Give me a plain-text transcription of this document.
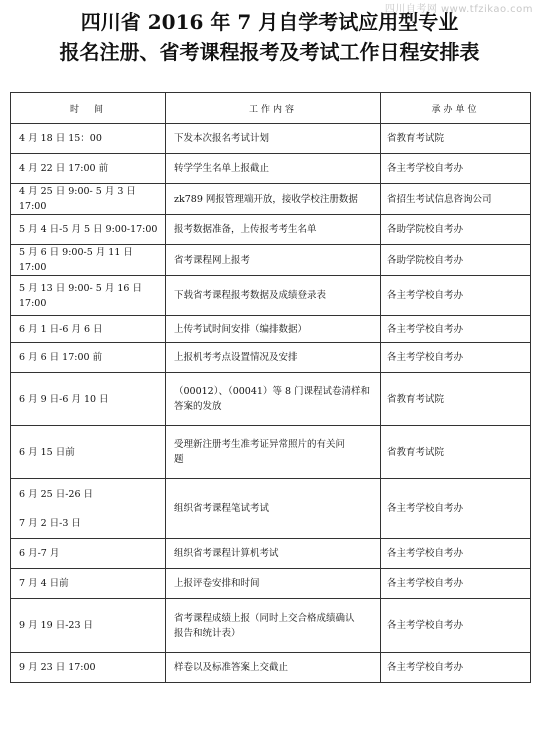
四川自考网 www.tfzikao.com
四川省 2016 年 7 月自学考试应用型专业
报名注册、省考课程报考及考试工作日程安排表
时　间	工作内容	承办单位

4 月 18 日 15：00	下发本次报名考试计划	省教育考试院

4 月 22 日 17:00 前	转学学生名单上报截止	各主考学校自考办

4 月 25 日 9:00- 5 月 3 日 17:00	zk789 网报管理端开放，接收学校注册数据	省招生考试信息咨询公司

5 月 4 日-5 月 5 日 9:00-17:00	报考数据准备，上传报考考生名单	各助学院校自考办

5 月 6 日 9:00-5 月 11 日 17:00	省考课程网上报考	各助学院校自考办

5 月 13 日 9:00- 5 月 16 日 17:00	下载省考课程报考数据及成绩登录表	各主考学校自考办

6 月 1 日-6 月 6 日	上传考试时间安排（编排数据）	各主考学校自考办

6 月 6 日 17:00 前	上报机考考点设置情况及安排	各主考学校自考办

6 月 9 日-6 月 10 日	（00012）、（00041）等 8 门课程试卷清样和
答案的发放	省教育考试院

6 月 15 日前	受理新注册考生准考证异常照片的有关问
题	省教育考试院

6 月 25 日-26 日
7 月 2 日-3 日	组织省考课程笔试考试	各主考学校自考办

6 月-7 月	组织省考课程计算机考试	各主考学校自考办

7 月 4 日前	上报评卷安排和时间	各主考学校自考办

9 月 19 日-23 日	省考课程成绩上报（同时上交合格成绩确认
报告和统计表）	各主考学校自考办

9 月 23 日 17:00	样卷以及标准答案上交截止	各主考学校自考办
